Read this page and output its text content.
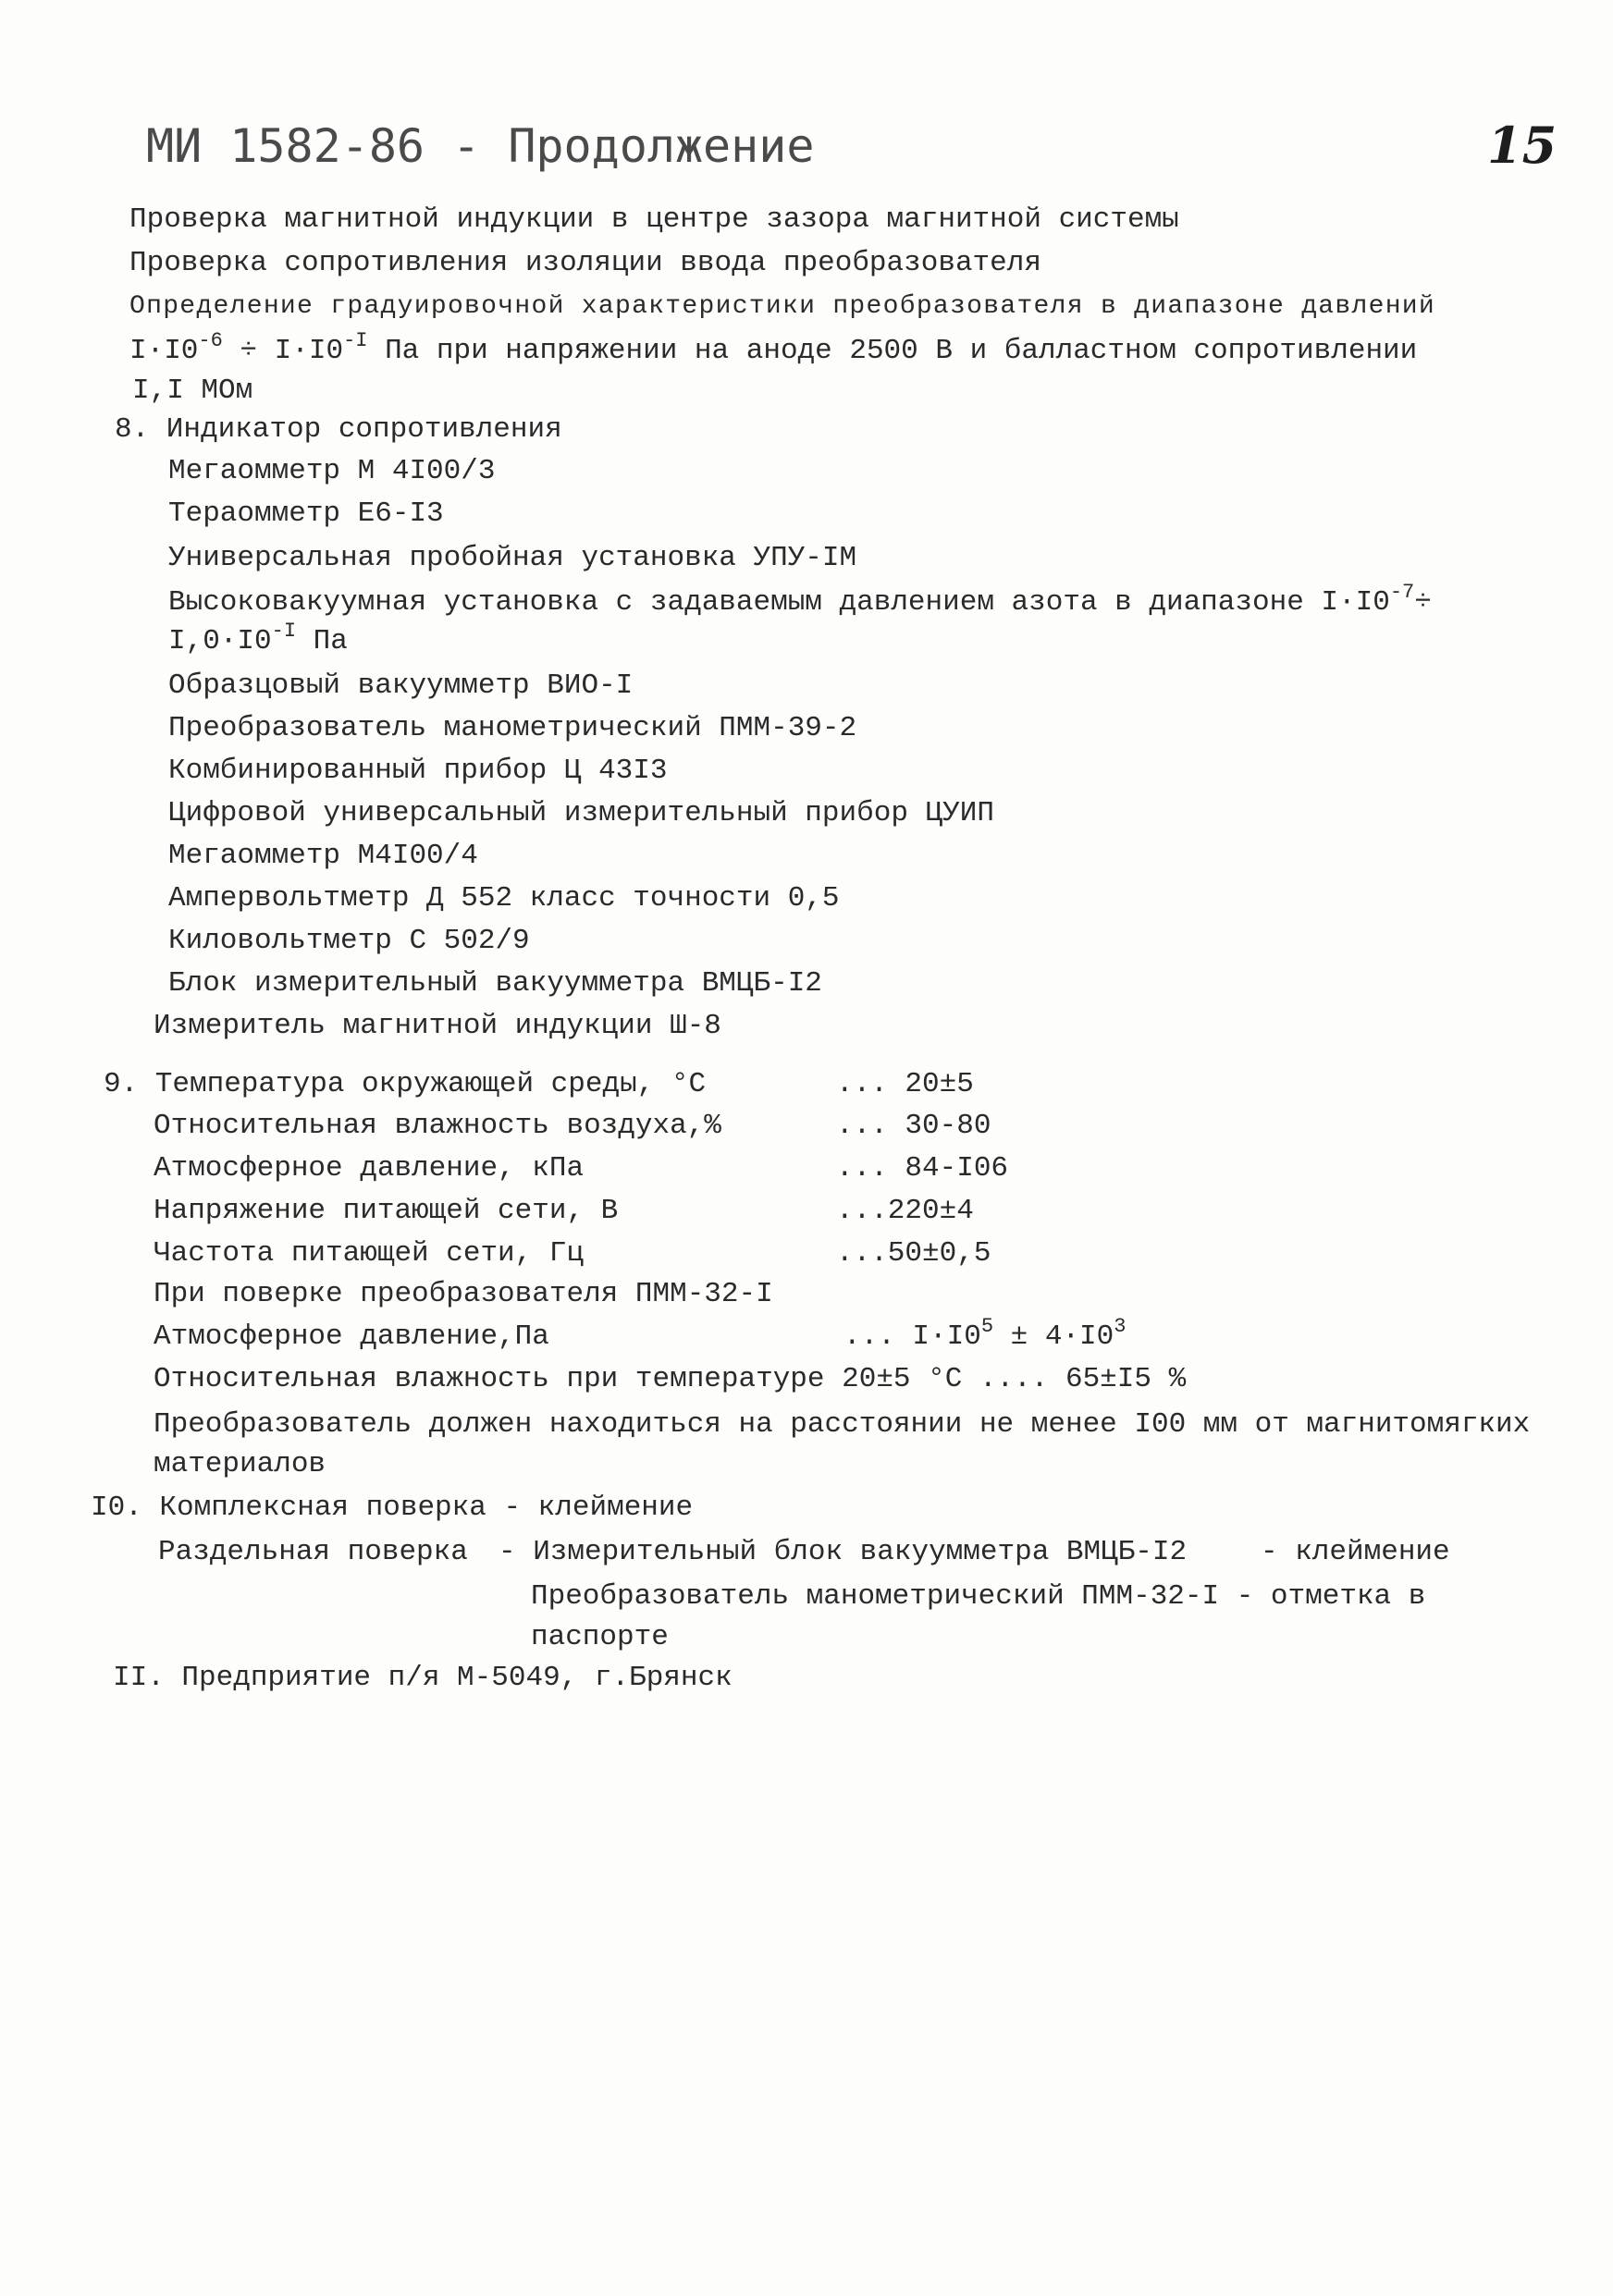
МИ 1582-86 - Продолжение	15
Проверка магнитной индукции в центре зазора магнитной системы
Проверка сопротивления изоляции ввода преобразователя
Определение градуировочной характеристики преобразователя в диапазоне давлений
$I\cdot I0^{-6} \div I\cdot I0^{-I}$ Па при напряжении на аноде 2500 В и балластном сопротивлении
I,I МОм
8. Индикатор сопротивления
Мегаомметр М 4I00/3
Тераомметр Е6-I3
Универсальная пробойная установка УПУ-IМ
Высоковакуумная установка с задаваемым давлением азота в диапазоне $I\cdot I0^{-7}\div$
$I,0\cdot I0^{-I}$ Па
Образцовый вакуумметр ВИО-I
Преобразователь манометрический ПММ-39-2
Комбинированный прибор Ц 43I3
Цифровой универсальный измерительный прибор ЦУИП
Мегаомметр М4I00/4
Ампервольтметр Д 552 класс точности 0,5
Киловольтметр С 502/9
Блок измерительный вакуумметра ВМЦБ-I2
Измеритель магнитной индукции Ш-8
9. Температура окружающей среды, °С	... 20±5
Относительная влажность воздуха,%	... 30-80
Атмосферное давление, кПа	... 84-I06
Напряжение питающей сети, В	...220±4
Частота питающей сети, Гц	...50±0,5
При поверке преобразователя ПММ-32-I
Атмосферное давление,Па	... $I\cdot I0^5 \pm 4\cdot I0^3$
Относительная влажность при температуре 20±5 °С .... 65±I5 %
Преобразователь должен находиться на расстоянии не менее I00 мм от магнитомягких
материалов
I0. Комплексная поверка - клеймение
Раздельная поверка - Измерительный блок вакуумметра ВМЦБ-I2	- клеймение
Преобразователь манометрический ПММ-32-I - отметка в
паспорте
II. Предприятие п/я М-5049, г.Брянск
